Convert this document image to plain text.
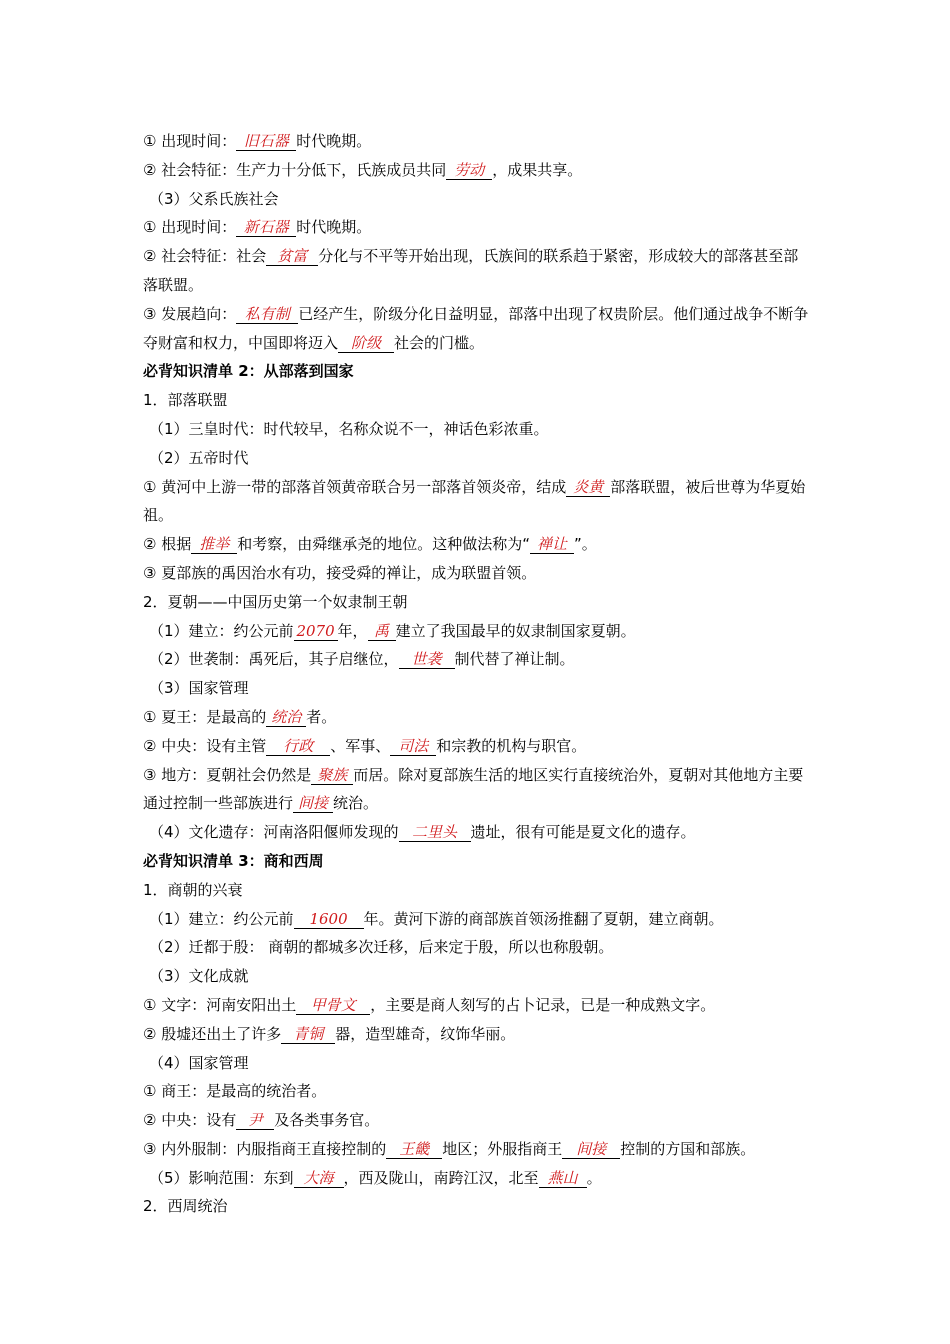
① 出现时间： 旧石器 时代晚期。
② 社会特征：生产力十分低下，氏族成员共同 劳动 ，成果共享。
（3）父系氏族社会
① 出现时间： 新石器 时代晚期。
② 社会特征：社会 贫富 分化与不平等开始出现，氏族间的联系趋于紧密，形成较大的部落甚至部落联盟。
③ 发展趋向： 私有制 已经产生，阶级分化日益明显，部落中出现了权贵阶层。他们通过战争不断争夺财富和权力，中国即将迈入 阶级 社会的门槛。
必背知识清单 2：从部落到国家
1．部落联盟
（1）三皇时代：时代较早，名称众说不一，神话色彩浓重。
（2）五帝时代
① 黄河中上游一带的部落首领黄帝联合另一部落首领炎帝，结成 炎黄 部落联盟，被后世尊为华夏始祖。
② 根据 推举 和考察，由舜继承尧的地位。这种做法称为“ 禅让 ”。
③ 夏部族的禹因治水有功，接受舜的禅让，成为联盟首领。
2．夏朝——中国历史第一个奴隶制王朝
（1）建立：约公元前 2070 年， 禹 建立了我国最早的奴隶制国家夏朝。
（2）世袭制：禹死后，其子启继位， 世袭 制代替了禅让制。
（3）国家管理
① 夏王：是最高的 统治 者。
② 中央：设有主管 行政 、军事、 司法 和宗教的机构与职官。
③ 地方：夏朝社会仍然是 聚族 而居。除对夏部族生活的地区实行直接统治外，夏朝对其他地方主要通过控制一些部族进行 间接 统治。
（4）文化遗存：河南洛阳偃师发现的 二里头 遗址，很有可能是夏文化的遗存。
必背知识清单 3：商和西周
1．商朝的兴衰
（1）建立：约公元前 1600 年。黄河下游的商部族首领汤推翻了夏朝，建立商朝。
（2）迁都于殷： 商朝的都城多次迁移，后来定于殷，所以也称殷朝。
（3）文化成就
① 文字：河南安阳出土 甲骨文 ，主要是商人刻写的占卜记录，已是一种成熟文字。
② 殷墟还出土了许多 青铜 器，造型雄奇，纹饰华丽。
（4）国家管理
① 商王：是最高的统治者。
② 中央：设有 尹 及各类事务官。
③ 内外服制：内服指商王直接控制的 王畿 地区；外服指商王 间接 控制的方国和部族。
（5）影响范围：东到 大海 ，西及陇山，南跨江汉，北至 燕山 。
2．西周统治
